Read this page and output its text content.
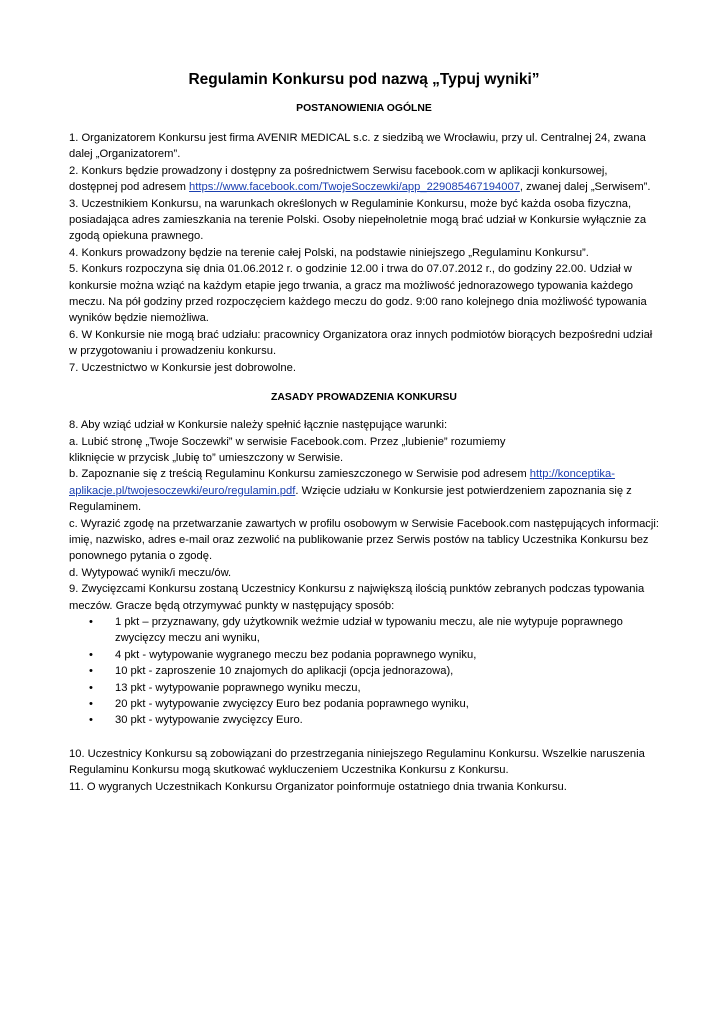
Regulamin Konkursu pod nazwą „Typuj wyniki”
POSTANOWIENIA OGÓLNE

1. Organizatorem Konkursu jest firma AVENIR MEDICAL s.c. z siedzibą we Wrocławiu, przy ul. Centralnej 24, zwana dalej „Organizatorem”.

2. Konkurs będzie prowadzony i dostępny za pośrednictwem Serwisu facebook.com w aplikacji konkursowej, dostępnej pod adresem https://www.facebook.com/TwojeSoczewki/app_229085467194007, zwanej dalej „Serwisem”.

3. Uczestnikiem Konkursu, na warunkach określonych w Regulaminie Konkursu, może być każda osoba fizyczna, posiadająca adres zamieszkania na terenie Polski. Osoby niepełnoletnie mogą brać udział w Konkursie wyłącznie za zgodą opiekuna prawnego.

4. Konkurs prowadzony będzie na terenie całej Polski, na podstawie niniejszego „Regulaminu Konkursu”.

5. Konkurs rozpoczyna się dnia 01.06.2012 r. o godzinie 12.00 i trwa do 07.07.2012 r., do godziny 22.00. Udział w konkursie można wziąć na każdym etapie jego trwania, a gracz ma możliwość jednorazowego typowania każdego meczu. Na pół godziny przed rozpoczęciem każdego meczu do godz. 9:00 rano kolejnego dnia możliwość typowania wyników będzie niemożliwa.

6. W Konkursie nie mogą brać udziału: pracownicy Organizatora oraz innych podmiotów biorących bezpośredni udział w przygotowaniu i prowadzeniu konkursu.

7. Uczestnictwo w Konkursie jest dobrowolne.

ZASADY PROWADZENIA KONKURSU

8. Aby wziąć udział w Konkursie należy spełnić łącznie następujące warunki:

a. Lubić stronę „Twoje Soczewki” w serwisie Facebook.com. Przez „lubienie” rozumiemy

kliknięcie w przycisk „lubię to” umieszczony w Serwisie.

b. Zapoznanie się z treścią Regulaminu Konkursu zamieszczonego w Serwisie pod adresem http://konceptika-aplikacje.pl/twojesoczewki/euro/regulamin.pdf. Wzięcie udziału w Konkursie jest potwierdzeniem zapoznania się z Regulaminem.

c. Wyrazić zgodę na przetwarzanie zawartych w profilu osobowym w Serwisie Facebook.com następujących informacji: imię, nazwisko, adres e-mail oraz zezwolić na publikowanie przez Serwis postów na tablicy Uczestnika Konkursu bez ponownego pytania o zgodę.

d. Wytypować wynik/i meczu/ów.

9. Zwycięzcami Konkursu zostaną Uczestnicy Konkursu z największą ilością punktów zebranych podczas typowania meczów. Gracze będą otrzymywać punkty w następujący sposób:

• 1 pkt – przyznawany, gdy użytkownik weźmie udział w typowaniu meczu, ale nie wytypuje poprawnego zwycięzcy meczu ani wyniku,
• 4 pkt - wytypowanie wygranego meczu bez podania poprawnego wyniku,
• 10 pkt - zaproszenie 10 znajomych do aplikacji (opcja jednorazowa),
• 13 pkt - wytypowanie poprawnego wyniku meczu,
• 20 pkt - wytypowanie zwycięzcy Euro bez podania poprawnego wyniku,
• 30 pkt - wytypowanie zwycięzcy Euro.

10. Uczestnicy Konkursu są zobowiązani do przestrzegania niniejszego Regulaminu Konkursu. Wszelkie naruszenia Regulaminu Konkursu mogą skutkować wykluczeniem Uczestnika Konkursu z Konkursu.

11. O wygranych Uczestnikach Konkursu Organizator poinformuje ostatniego dnia trwania Konkursu.
